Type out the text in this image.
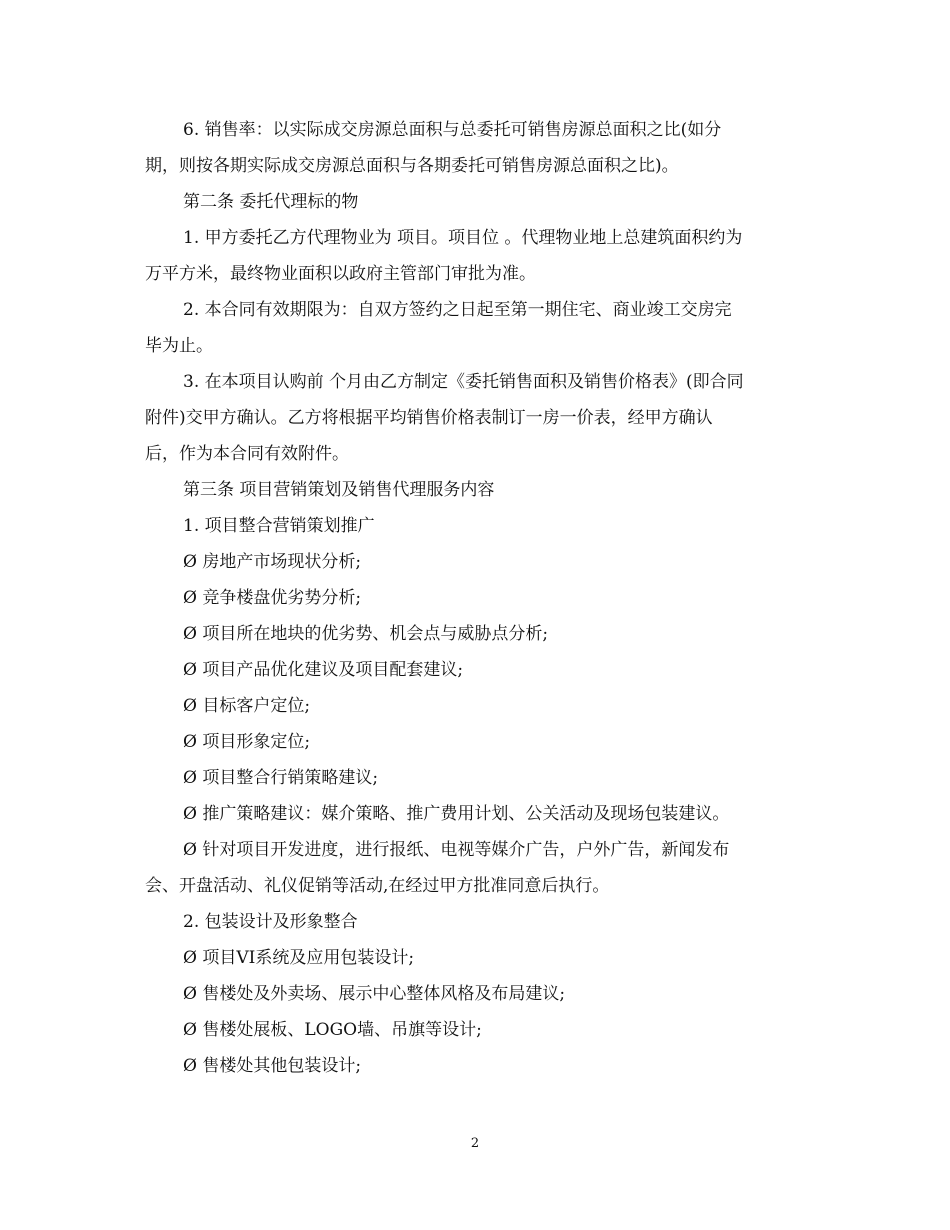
6. 销售率：以实际成交房源总面积与总委托可销售房源总面积之比(如分

期，则按各期实际成交房源总面积与各期委托可销售房源总面积之比)。

第二条 委托代理标的物

1. 甲方委托乙方代理物业为 项目。项目位 。代理物业地上总建筑面积约为

万平方米，最终物业面积以政府主管部门审批为准。

2. 本合同有效期限为：自双方签约之日起至第一期住宅、商业竣工交房完

毕为止。

3. 在本项目认购前 个月由乙方制定《委托销售面积及销售价格表》(即合同

附件)交甲方确认。乙方将根据平均销售价格表制订一房一价表，经甲方确认

后，作为本合同有效附件。

第三条 项目营销策划及销售代理服务内容

1. 项目整合营销策划推广

Ø 房地产市场现状分析;

Ø 竞争楼盘优劣势分析;

Ø 项目所在地块的优劣势、机会点与威胁点分析;

Ø 项目产品优化建议及项目配套建议;

Ø 目标客户定位;

Ø 项目形象定位;

Ø 项目整合行销策略建议;

Ø 推广策略建议：媒介策略、推广费用计划、公关活动及现场包装建议。

Ø 针对项目开发进度，进行报纸、电视等媒介广告，户外广告，新闻发布

会、开盘活动、礼仪促销等活动,在经过甲方批准同意后执行。

2. 包装设计及形象整合

Ø 项目VI系统及应用包装设计;

Ø 售楼处及外卖场、展示中心整体风格及布局建议;

Ø 售楼处展板、LOGO墙、吊旗等设计;

Ø 售楼处其他包装设计;

2
